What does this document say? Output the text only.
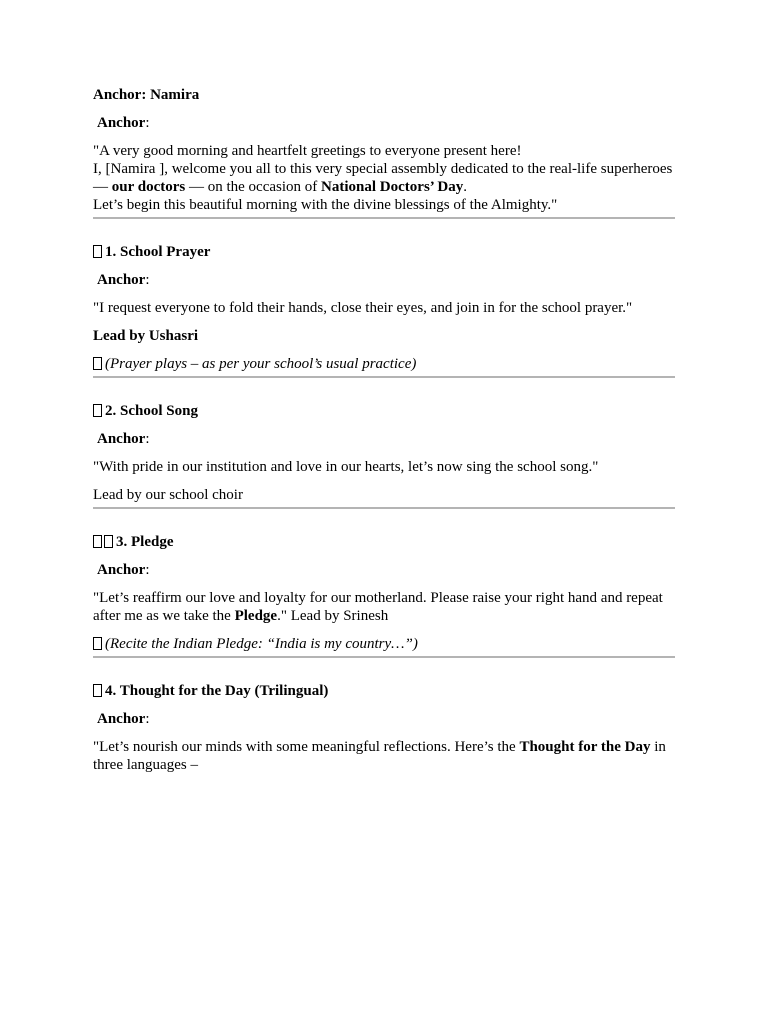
Anchor: Namira

Anchor:

"A very good morning and heartfelt greetings to everyone present here!
I, [Namira ], welcome you all to this very special assembly dedicated to the real-life superheroes — our doctors — on the occasion of National Doctors’ Day.
Let’s begin this beautiful morning with the divine blessings of the Almighty."

1. School Prayer

Anchor:

"I request everyone to fold their hands, close their eyes, and join in for the school prayer."

Lead by Ushasri

(Prayer plays – as per your school’s usual practice)

2. School Song

Anchor:

"With pride in our institution and love in our hearts, let’s now sing the school song."

Lead by our school choir

3. Pledge

Anchor:

"Let’s reaffirm our love and loyalty for our motherland. Please raise your right hand and repeat after me as we take the Pledge." Lead by Srinesh

(Recite the Indian Pledge: “India is my country…”)

4. Thought for the Day (Trilingual)

Anchor:

"Let’s nourish our minds with some meaningful reflections. Here’s the Thought for the Day in three languages –
